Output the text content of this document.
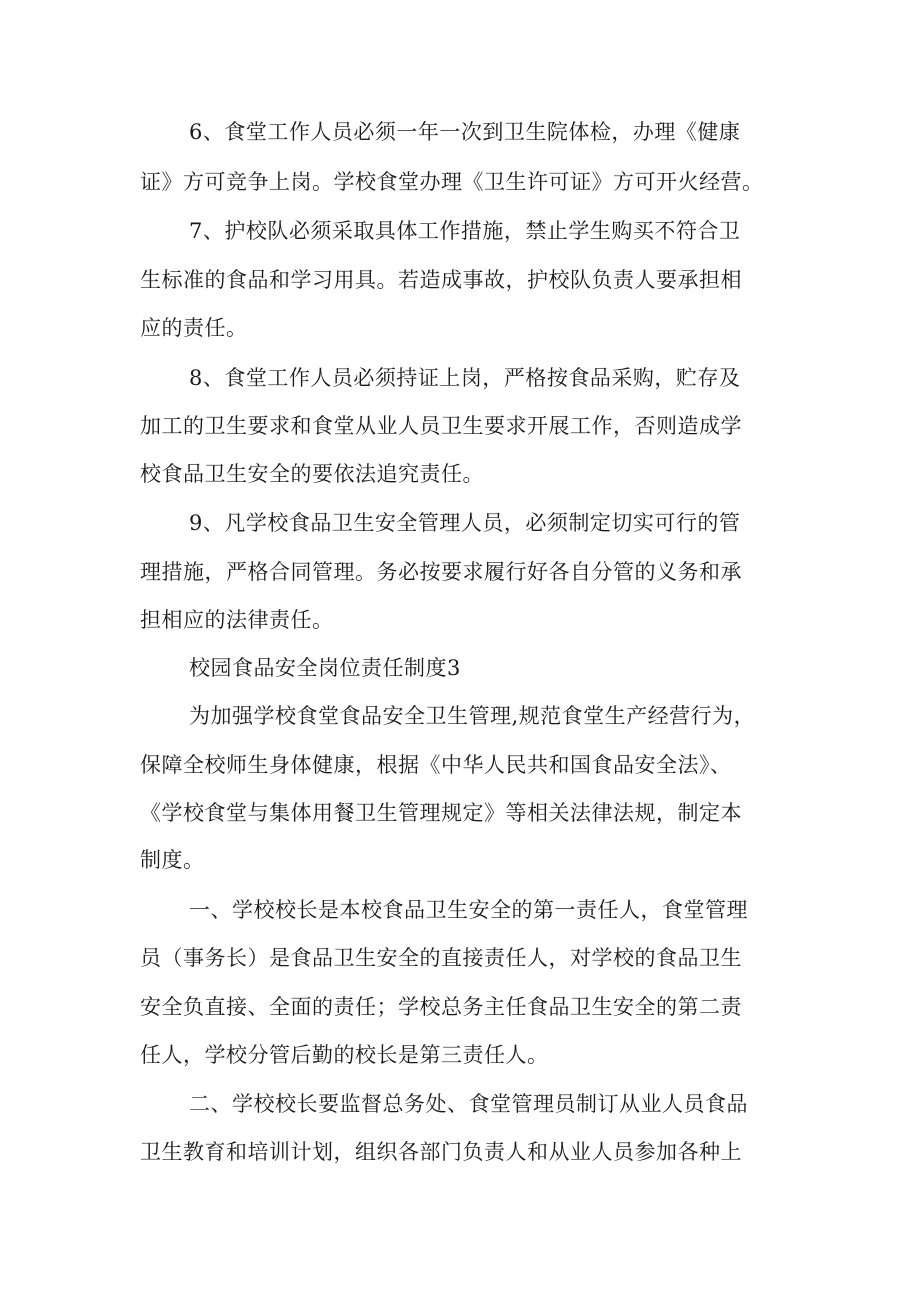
6、食堂工作人员必须一年一次到卫生院体检，办理《健康
证》方可竞争上岗。学校食堂办理《卫生许可证》方可开火经营。
7、护校队必须采取具体工作措施，禁止学生购买不符合卫
生标准的食品和学习用具。若造成事故，护校队负责人要承担相
应的责任。
8、食堂工作人员必须持证上岗，严格按食品采购，贮存及
加工的卫生要求和食堂从业人员卫生要求开展工作，否则造成学
校食品卫生安全的要依法追究责任。
9、凡学校食品卫生安全管理人员，必须制定切实可行的管
理措施，严格合同管理。务必按要求履行好各自分管的义务和承
担相应的法律责任。
校园食品安全岗位责任制度3
为加强学校食堂食品安全卫生管理,规范食堂生产经营行为，
保障全校师生身体健康，根据《中华人民共和国食品安全法》、
《学校食堂与集体用餐卫生管理规定》等相关法律法规，制定本
制度。
一、学校校长是本校食品卫生安全的第一责任人，食堂管理
员（事务长）是食品卫生安全的直接责任人，对学校的食品卫生
安全负直接、全面的责任；学校总务主任食品卫生安全的第二责
任人，学校分管后勤的校长是第三责任人。
二、学校校长要监督总务处、食堂管理员制订从业人员食品
卫生教育和培训计划，组织各部门负责人和从业人员参加各种上
